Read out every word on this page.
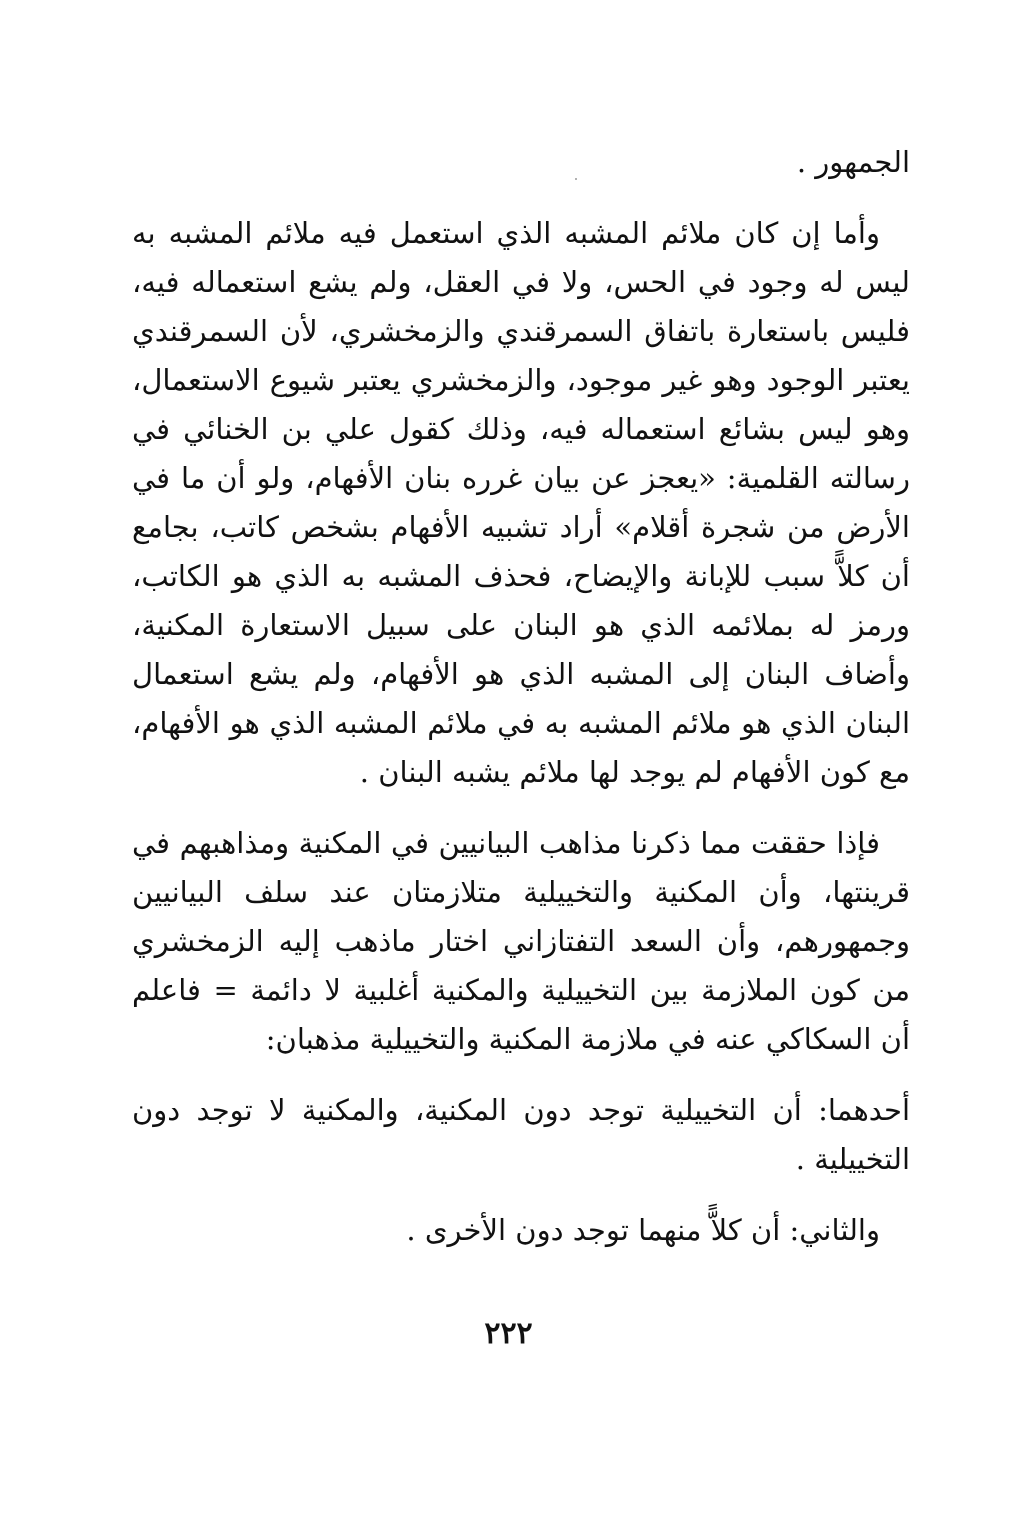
الجمهور .

وأما إن كان ملائم المشبه الذي استعمل فيه ملائم المشبه به ليس له وجود في الحس، ولا في العقل، ولم يشع استعماله فيه، فليس باستعارة باتفاق السمرقندي والزمخشري، لأن السمرقندي يعتبر الوجود وهو غير موجود، والزمخشري يعتبر شيوع الاستعمال، وهو ليس بشائع استعماله فيه، وذلك كقول علي بن الخنائي في رسالته القلمية: «يعجز عن بيان غرره بنان الأفهام، ولو أن ما في الأرض من شجرة أقلام» أراد تشبيه الأفهام بشخص كاتب، بجامع أن كلاًّ سبب للإبانة والإيضاح، فحذف المشبه به الذي هو الكاتب، ورمز له بملائمه الذي هو البنان على سبيل الاستعارة المكنية، وأضاف البنان إلى المشبه الذي هو الأفهام، ولم يشع استعمال البنان الذي هو ملائم المشبه به في ملائم المشبه الذي هو الأفهام، مع كون الأفهام لم يوجد لها ملائم يشبه البنان .

فإذا حققت مما ذكرنا مذاهب البيانيين في المكنية ومذاهبهم في قرينتها، وأن المكنية والتخييلية متلازمتان عند سلف البيانيين وجمهورهم، وأن السعد التفتازاني اختار ماذهب إليه الزمخشري من كون الملازمة بين التخييلية والمكنية أغلبية لا دائمة = فاعلم أن السكاكي عنه في ملازمة المكنية والتخييلية مذهبان:

أحدهما: أن التخييلية توجد دون المكنية، والمكنية لا توجد دون التخييلية .

والثاني: أن كلاًّ منهما توجد دون الأخرى .

٢٢٢
